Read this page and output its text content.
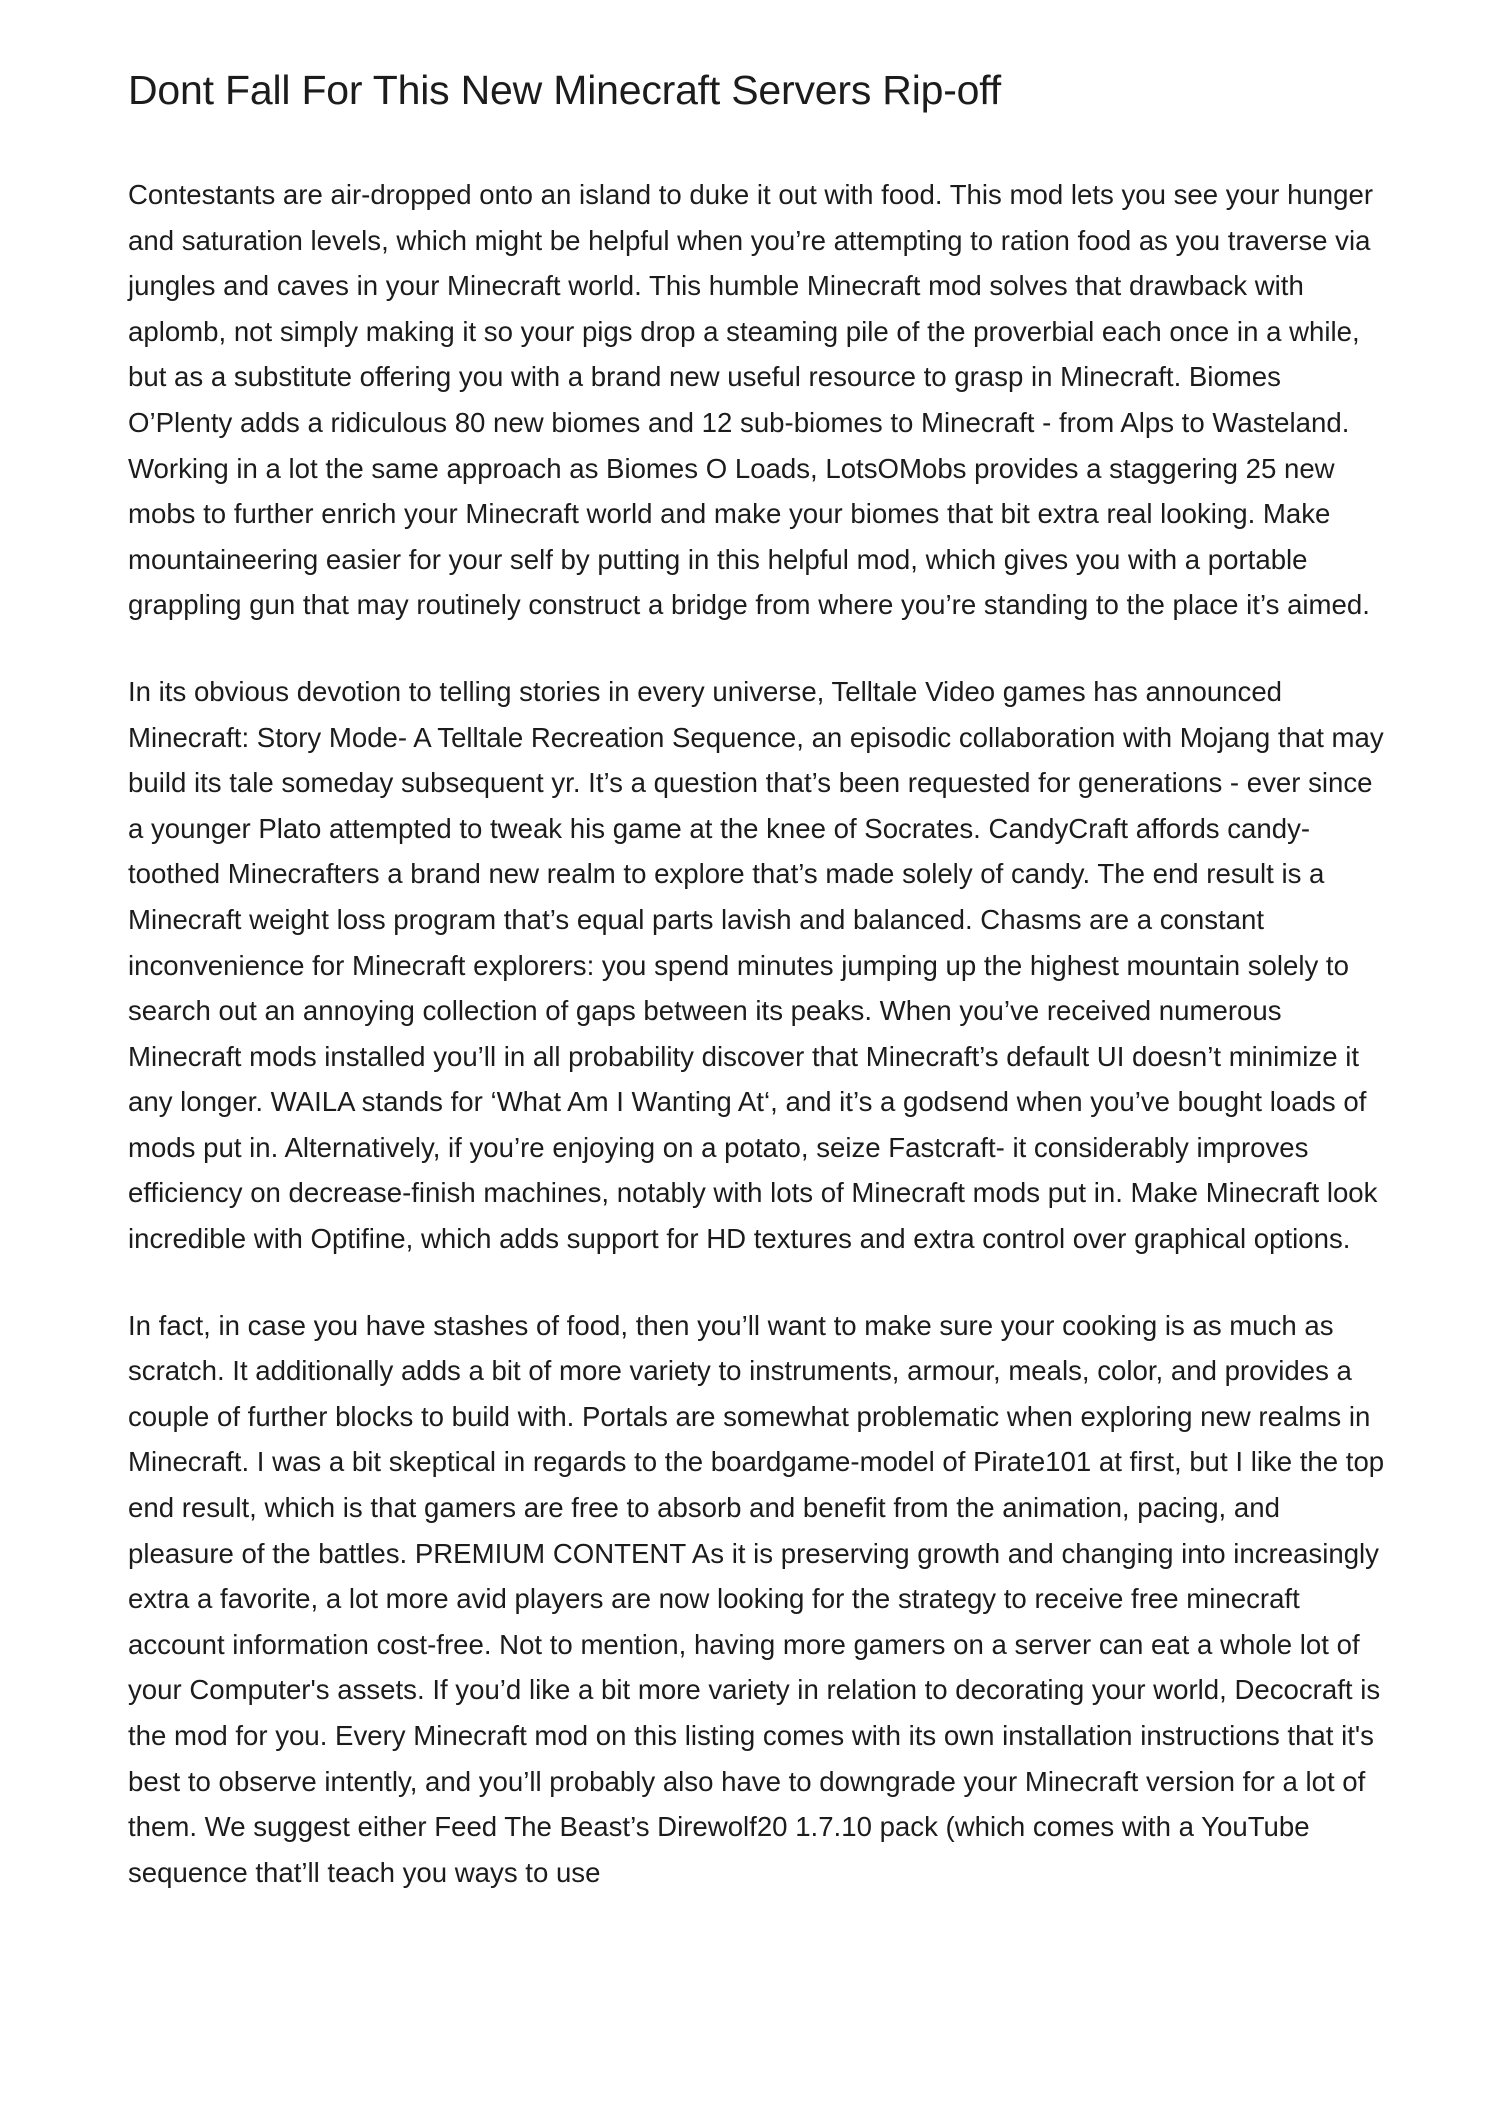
Dont Fall For This New Minecraft Servers Rip-off

Contestants are air-dropped onto an island to duke it out with food. This mod lets you see your hunger and saturation levels, which might be helpful when you’re attempting to ration food as you traverse via jungles and caves in your Minecraft world. This humble Minecraft mod solves that drawback with aplomb, not simply making it so your pigs drop a steaming pile of the proverbial each once in a while, but as a substitute offering you with a brand new useful resource to grasp in Minecraft. Biomes O’Plenty adds a ridiculous 80 new biomes and 12 sub-biomes to Minecraft - from Alps to Wasteland. Working in a lot the same approach as Biomes O Loads, LotsOMobs provides a staggering 25 new mobs to further enrich your Minecraft world and make your biomes that bit extra real looking. Make mountaineering easier for your self by putting in this helpful mod, which gives you with a portable grappling gun that may routinely construct a bridge from where you’re standing to the place it’s aimed.

In its obvious devotion to telling stories in every universe, Telltale Video games has announced Minecraft: Story Mode- A Telltale Recreation Sequence, an episodic collaboration with Mojang that may build its tale someday subsequent yr. It’s a question that’s been requested for generations - ever since a younger Plato attempted to tweak his game at the knee of Socrates. CandyCraft affords candy-toothed Minecrafters a brand new realm to explore that’s made solely of candy. The end result is a Minecraft weight loss program that’s equal parts lavish and balanced. Chasms are a constant inconvenience for Minecraft explorers: you spend minutes jumping up the highest mountain solely to search out an annoying collection of gaps between its peaks. When you’ve received numerous Minecraft mods installed you’ll in all probability discover that Minecraft’s default UI doesn’t minimize it any longer. WAILA stands for ‘What Am I Wanting At‘, and it’s a godsend when you’ve bought loads of mods put in. Alternatively, if you’re enjoying on a potato, seize Fastcraft- it considerably improves efficiency on decrease-finish machines, notably with lots of Minecraft mods put in. Make Minecraft look incredible with Optifine, which adds support for HD textures and extra control over graphical options.

In fact, in case you have stashes of food, then you’ll want to make sure your cooking is as much as scratch. It additionally adds a bit of more variety to instruments, armour, meals, color, and provides a couple of further blocks to build with. Portals are somewhat problematic when exploring new realms in Minecraft. I was a bit skeptical in regards to the boardgame-model of Pirate101 at first, but I like the top end result, which is that gamers are free to absorb and benefit from the animation, pacing, and pleasure of the battles. PREMIUM CONTENT As it is preserving growth and changing into increasingly extra a favorite, a lot more avid players are now looking for the strategy to receive free minecraft account information cost-free. Not to mention, having more gamers on a server can eat a whole lot of your Computer's assets. If you’d like a bit more variety in relation to decorating your world, Decocraft is the mod for you. Every Minecraft mod on this listing comes with its own installation instructions that it's best to observe intently, and you’ll probably also have to downgrade your Minecraft version for a lot of them. We suggest either Feed The Beast’s Direwolf20 1.7.10 pack (which comes with a YouTube sequence that’ll teach you ways to use
